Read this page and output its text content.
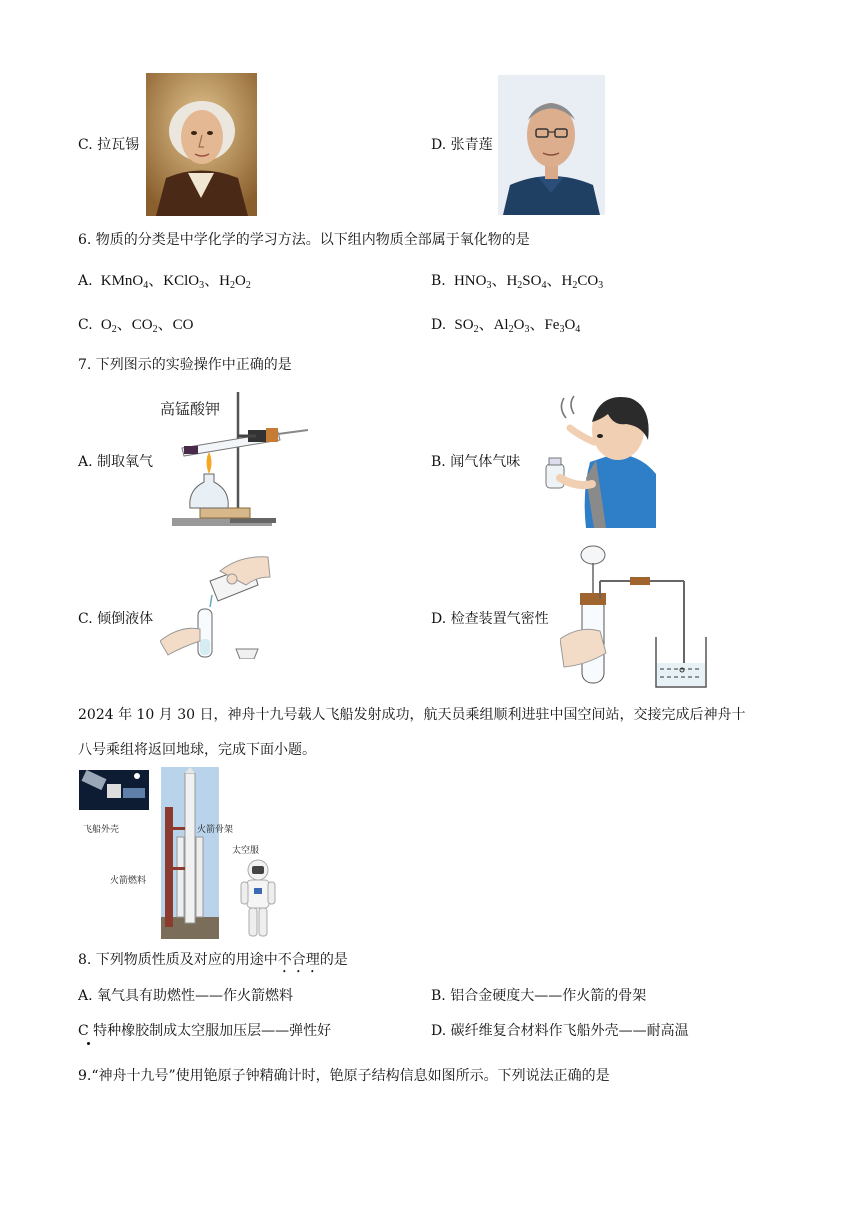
C. 拉瓦锡	D. 张青莲
6. 物质的分类是中学化学的学习方法。以下组内物质全部属于氧化物的是
A.  KMnO$_4$、KClO$_3$、$H_2O_2$	B.  $HNO_3$、$H_2SO_4$、$H_2CO_3$
C.  $O_2$、$CO_2$、CO	D.  $SO_2$、$Al_2O_3$、$Fe_3O_4$
7. 下列图示的实验操作中正确的是
A. 制取氧气
高锰酸钾
B. 闻气体气味
C. 倾倒液体	D. 检查装置气密性
2024 年 10 月 30 日，神舟十九号载人飞船发射成功，航天员乘组顺利进驻中国空间站，交接完成后神舟十
八号乘组将返回地球，完成下面小题。
飞船外壳	火箭骨架
太空服
火箭燃料
8. 下列物质性质及对应的用途中不合理的是
A. 氧气具有助燃性——作火箭燃料	B. 铝合金硬度大——作火箭的骨架
C 特种橡胶制成太空服加压层——弹性好	D. 碳纤维复合材料作飞船外壳——耐高温
9.“神舟十九号”使用铯原子钟精确计时，铯原子结构信息如图所示。下列说法正确的是
